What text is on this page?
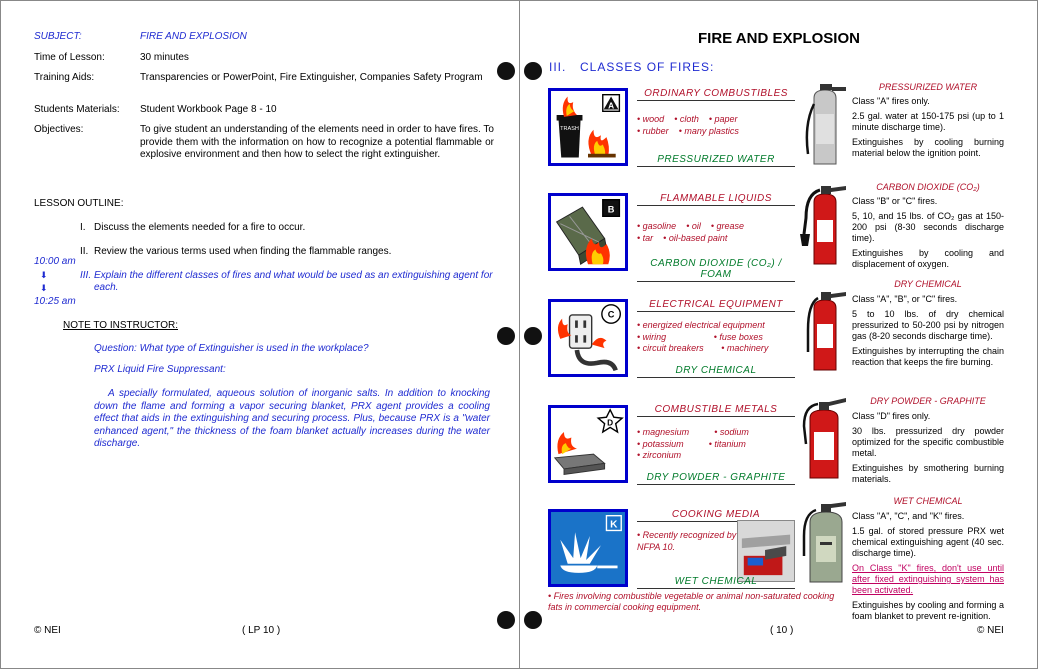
SUBJECT:	FIRE AND EXPLOSION
Time of Lesson:	30 minutes
Training Aids:	Transparencies or PowerPoint, Fire Extinguisher, Companies Safety Program
Students Materials:	Student Workbook Page 8 - 10
Objectives:	To give student an understanding of the elements need in order to have fires. To provide them with the information on how to recognize a potential flammable or explosive environment and then how to select the right extinguisher.
LESSON OUTLINE:
I. Discuss the elements needed for a fire to occur.
II. Review the various terms used when finding the flammable ranges.
III. Explain the different classes of fires and what would be used as an extinguishing agent for each.
10:00 am
⬇
⬇
10:25 am
NOTE TO INSTRUCTOR:
Question: What type of Extinguisher is used in the workplace?
PRX Liquid Fire Suppressant:
A specially formulated, aqueous solution of inorganic salts. In addition to knocking down the flame and forming a vapor securing blanket, PRX agent provides a cooling effect that aids in the extinguishing and securing process. Plus, because PRX is a "water enhanced agent," the thickness of the foam blanket actually increases during the water discharge.
© NEI	( LP 10 )
FIRE AND EXPLOSION
III. CLASSES OF FIRES:
TRASH
A
ORDINARY COMBUSTIBLES
• wood • cloth • paper
• rubber • many plastics
PRESSURIZED WATER
PRESSURIZED WATER

Class "A" fires only.

2.5 gal. water at 150-175 psi (up to 1 minute discharge time).

Extinguishes by cooling burning material below the ignition point.

B
FLAMMABLE LIQUIDS
• gasoline • oil • grease
• tar • oil-based paint
CARBON DIOXIDE (CO₂) / FOAM
CARBON DIOXIDE (CO₂)

Class "B" or "C" fires.

5, 10, and 15 lbs. of CO₂ gas at 150-200 psi (8-30 seconds discharge time).

Extinguishes by cooling and displacement of oxygen.

C
ELECTRICAL EQUIPMENT
• energized electrical equipment
• wiring	• fuse boxes
• circuit breakers • machinery
DRY CHEMICAL
DRY CHEMICAL

Class "A", "B", or "C" fires.

5 to 10 lbs. of dry chemical pressurized to 50-200 psi by nitrogen gas (8-20 seconds discharge time).

Extinguishes by interrupting the chain reaction that keeps the fire burning.

D
COMBUSTIBLE METALS
• magnesium	• sodium
• potassium	• titanium
• zirconium
DRY POWDER - GRAPHITE
DRY POWDER - GRAPHITE

Class "D" fires only.

30 lbs. pressurized dry powder optimized for the specific combustible metal.

Extinguishes by smothering burning materials.

K
COOKING MEDIA
• Recently recognized by NFPA 10.
WET CHEMICAL
WET CHEMICAL

Class "A", "C", and "K" fires.

1.5 gal. of stored pressure PRX wet chemical extinguishing agent (40 sec. discharge time).

On Class "K" fires, don't use until after fixed extinguishing system has been activated.

Extinguishes by cooling and forming a foam blanket to prevent re-ignition.

• Fires involving combustible vegetable or animal non-saturated cooking fats in commercial cooking equipment.
( 10 )	© NEI
